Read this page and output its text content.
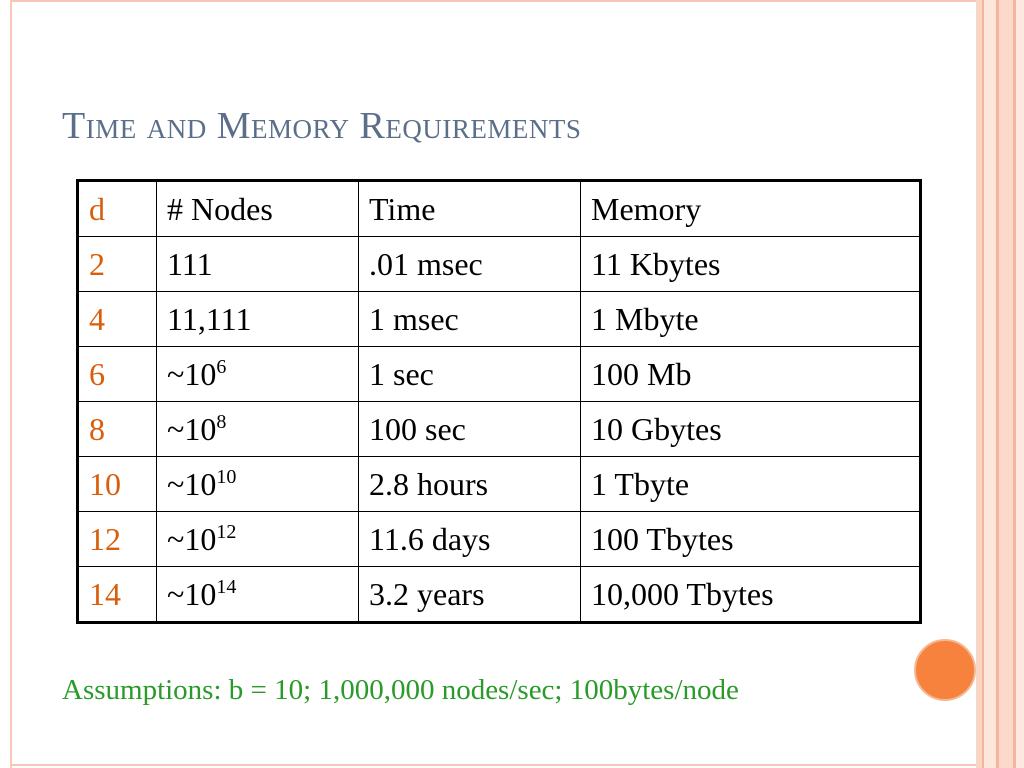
Time and Memory Requirements
d	# Nodes	Time	Memory
2	111	.01 msec	11 Kbytes
4	11,111	1 msec	1 Mbyte
6	$\sim 10^6$	1 sec	100 Mb
8	$\sim 10^8$	100 sec	10 Gbytes
10	$\sim 10^{10}$	2.8 hours	1 Tbyte
12	$\sim 10^{12}$	11.6 days	100 Tbytes
14	$\sim 10^{14}$	3.2 years	10,000 Tbytes

Assumptions: b = 10; 1,000,000 nodes/sec; 100bytes/node
